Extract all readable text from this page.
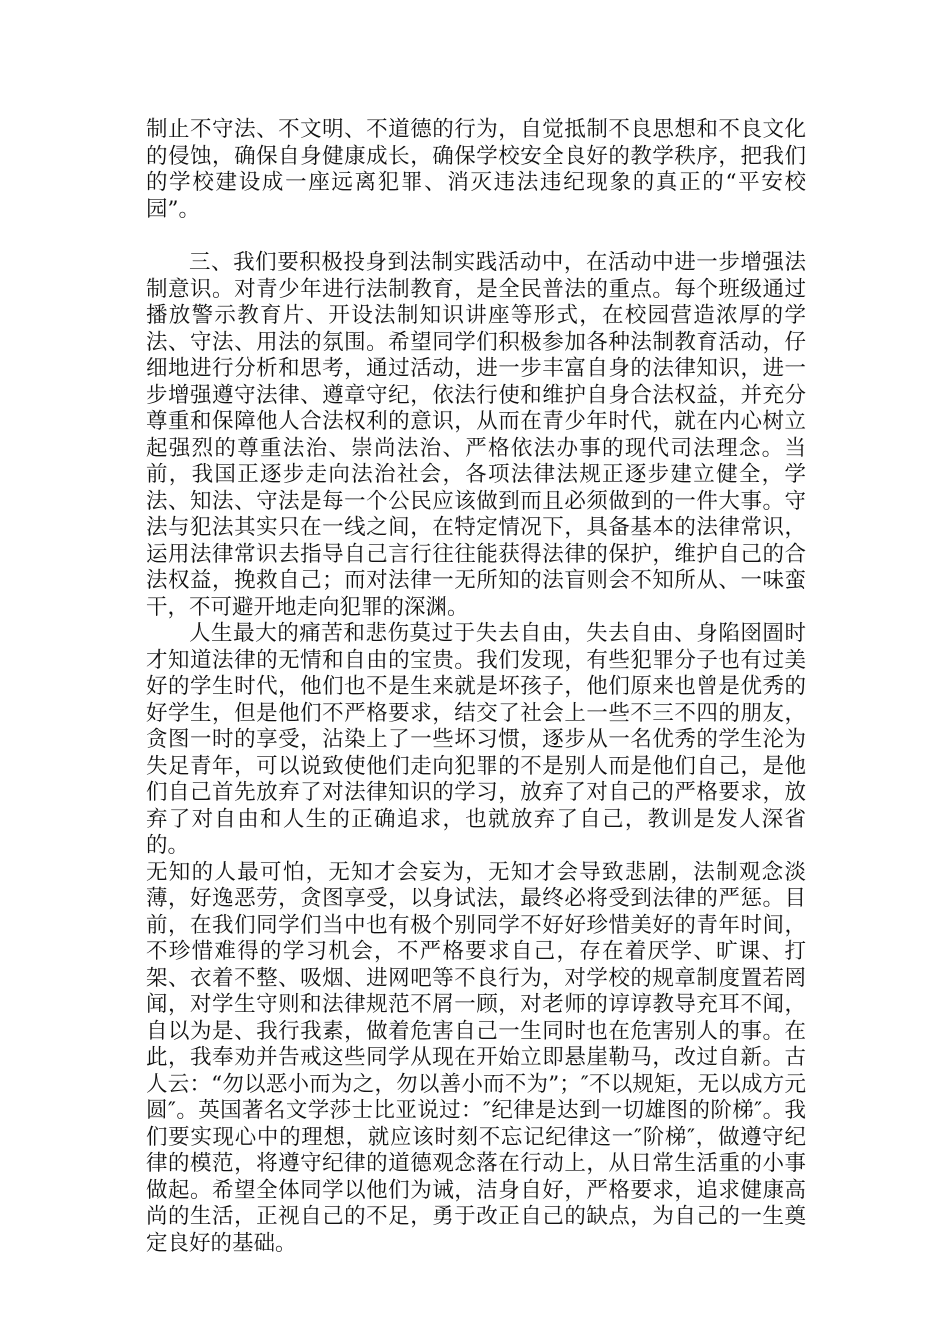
制止不守法、不文明、不道德的行为，自觉抵制不良思想和不良文化的侵蚀，确保自身健康成长，确保学校安全良好的教学秩序，把我们的学校建设成一座远离犯罪、消灭违法违纪现象的真正的“平安校园”。

三、我们要积极投身到法制实践活动中，在活动中进一步增强法制意识。对青少年进行法制教育，是全民普法的重点。每个班级通过播放警示教育片、开设法制知识讲座等形式，在校园营造浓厚的学法、守法、用法的氛围。希望同学们积极参加各种法制教育活动，仔细地进行分析和思考，通过活动，进一步丰富自身的法律知识，进一步增强遵守法律、遵章守纪，依法行使和维护自身合法权益，并充分尊重和保障他人合法权利的意识，从而在青少年时代，就在内心树立起强烈的尊重法治、崇尚法治、严格依法办事的现代司法理念。当前，我国正逐步走向法治社会，各项法律法规正逐步建立健全，学法、知法、守法是每一个公民应该做到而且必须做到的一件大事。守法与犯法其实只在一线之间，在特定情况下，具备基本的法律常识，运用法律常识去指导自己言行往往能获得法律的保护，维护自己的合法权益，挽救自己；而对法律一无所知的法盲则会不知所从、一味蛮干，不可避开地走向犯罪的深渊。

人生最大的痛苦和悲伤莫过于失去自由，失去自由、身陷囹圄时才知道法律的无情和自由的宝贵。我们发现，有些犯罪分子也有过美好的学生时代，他们也不是生来就是坏孩子，他们原来也曾是优秀的好学生，但是他们不严格要求，结交了社会上一些不三不四的朋友，贪图一时的享受，沾染上了一些坏习惯，逐步从一名优秀的学生沦为失足青年，可以说致使他们走向犯罪的不是别人而是他们自己，是他们自己首先放弃了对法律知识的学习，放弃了对自己的严格要求，放弃了对自由和人生的正确追求，也就放弃了自己，教训是发人深省的。

无知的人最可怕，无知才会妄为，无知才会导致悲剧，法制观念淡薄，好逸恶劳，贪图享受，以身试法，最终必将受到法律的严惩。目前，在我们同学们当中也有极个别同学不好好珍惜美好的青年时间，不珍惜难得的学习机会，不严格要求自己，存在着厌学、旷课、打架、衣着不整、吸烟、进网吧等不良行为，对学校的规章制度置若罔闻，对学生守则和法律规范不屑一顾，对老师的谆谆教导充耳不闻，自以为是、我行我素，做着危害自己一生同时也在危害别人的事。在此，我奉劝并告戒这些同学从现在开始立即悬崖勒马，改过自新。古人云：“勿以恶小而为之，勿以善小而不为”；″不以规矩，无以成方元圆″。英国著名文学莎士比亚说过：″纪律是达到一切雄图的阶梯″。我们要实现心中的理想，就应该时刻不忘记纪律这一″阶梯″，做遵守纪律的模范，将遵守纪律的道德观念落在行动上，从日常生活重的小事做起。希望全体同学以他们为诫，洁身自好，严格要求，追求健康高尚的生活，正视自己的不足，勇于改正自己的缺点，为自己的一生奠定良好的基础。
